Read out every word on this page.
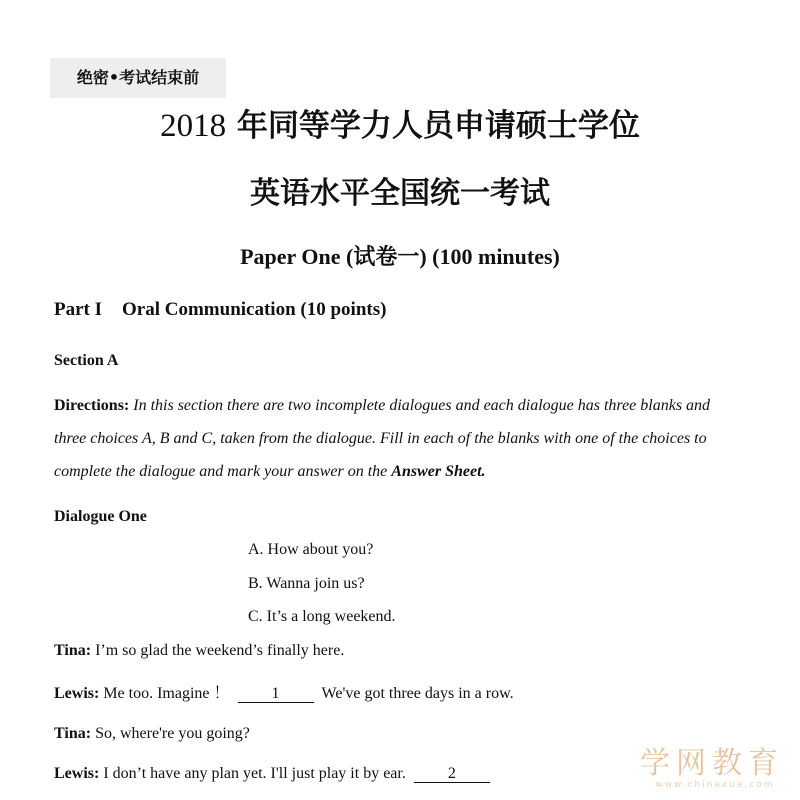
绝密•考试结束前
2018 年同等学力人员申请硕士学位
英语水平全国统一考试
Paper One (试卷一) (100 minutes)
Part I Oral Communication (10 points)
Section A
Directions: In this section there are two incomplete dialogues and each dialogue has three blanks and
three choices A, B and C, taken from the dialogue. Fill in each of the blanks with one of the choices to
complete the dialogue and mark your answer on the Answer Sheet.
Dialogue One
A. How about you?
B. Wanna join us?
C. It’s a long weekend.
Tina: I’m so glad the weekend’s finally here.
Lewis: Me too. Imagine ！	1	We've got three days in a row.
Tina: So, where're you going?
Lewis: I don’t have any plan yet. I'll just play it by ear.	2	学网教育
www.chinaxue.com
